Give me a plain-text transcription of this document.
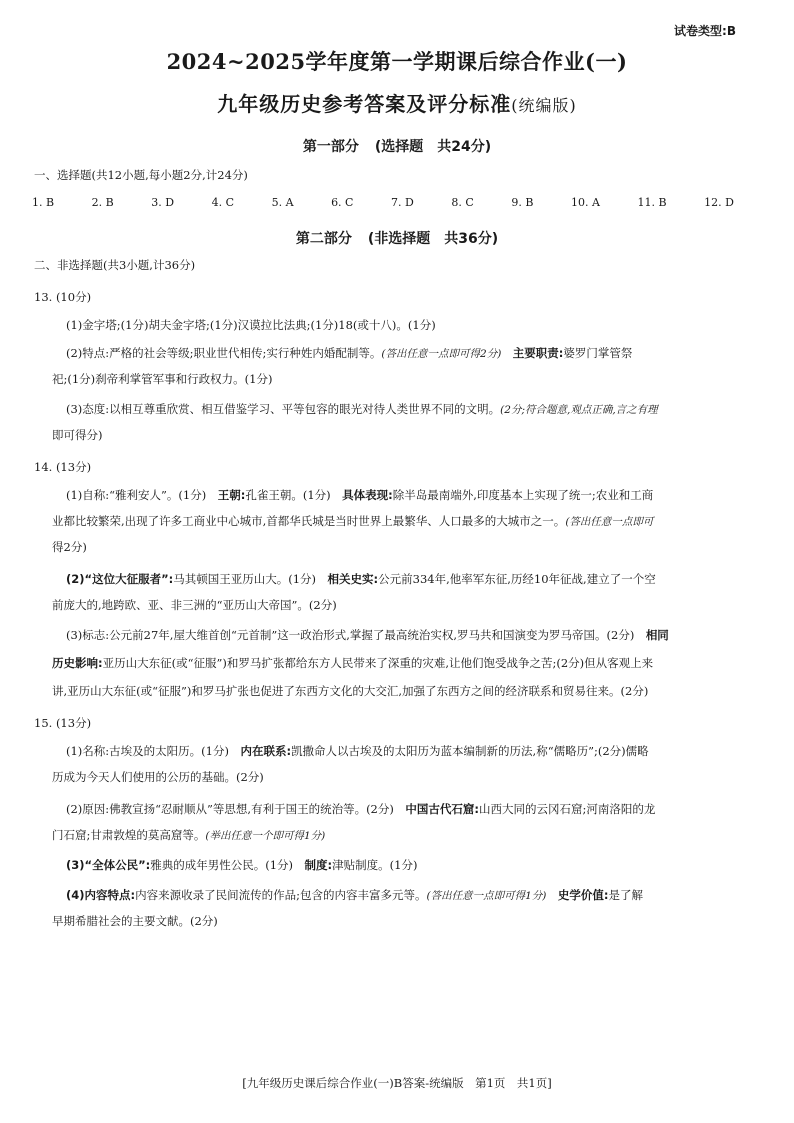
试卷类型:B
2024~2025学年度第一学期课后综合作业(一)
九年级历史参考答案及评分标准(统编版)
第一部分 (选择题　共24分)
一、选择题(共12小题,每小题2分,计24分)
1. B	2. B	3. D	4. C	5. A	6. C	7. D	8. C	9. B	10. A	11. B	12. D
第二部分 (非选择题　共36分)
二、非选择题(共3小题,计36分)
13. (10分)
(1)金字塔;(1分)胡夫金字塔;(1分)汉谟拉比法典;(1分)18(或十八)。(1分)
(2)特点:严格的社会等级;职业世代相传;实行种姓内婚配制等。(答出任意一点即可得2分)　 主要职责:婆罗门掌管祭
祀;(1分)刹帝利掌管军事和行政权力。(1分)
(3)态度:以相互尊重欣赏、相互借鉴学习、平等包容的眼光对待人类世界不同的文明。(2分;符合题意,观点正确,言之有理
即可得分)
14. (13分)
(1)自称:“雅利安人”。(1分)　 王朝:孔雀王朝。(1分)　 具体表现:除半岛最南端外,印度基本上实现了统一;农业和工商
业都比较繁荣,出现了许多工商业中心城市,首都华氏城是当时世界上最繁华、人口最多的大城市之一。(答出任意一点即可
得2分)
(2)“这位大征服者”:马其顿国王亚历山大。(1分)　 相关史实:公元前334年,他率军东征,历经10年征战,建立了一个空
前庞大的,地跨欧、亚、非三洲的“亚历山大帝国”。(2分)
(3)标志:公元前27年,屋大维首创“元首制”这一政治形式,掌握了最高统治实权,罗马共和国演变为罗马帝国。(2分)　 相同
历史影响:亚历山大东征(或“征服”)和罗马扩张都给东方人民带来了深重的灾难,让他们饱受战争之苦;(2分)但从客观上来
讲,亚历山大东征(或“征服”)和罗马扩张也促进了东西方文化的大交汇,加强了东西方之间的经济联系和贸易往来。(2分)
15. (13分)
(1)名称:古埃及的太阳历。(1分)　 内在联系:凯撒命人以古埃及的太阳历为蓝本编制新的历法,称“儒略历”;(2分)儒略
历成为今天人们使用的公历的基础。(2分)
(2)原因:佛教宣扬“忍耐顺从”等思想,有利于国王的统治等。(2分)　 中国古代石窟:山西大同的云冈石窟;河南洛阳的龙
门石窟;甘肃敦煌的莫高窟等。(举出任意一个即可得1分)
(3)“全体公民”:雅典的成年男性公民。(1分)　 制度:津贴制度。(1分)
(4)内容特点:内容来源收录了民间流传的作品;包含的内容丰富多元等。(答出任意一点即可得1分)　 史学价值:是了解
早期希腊社会的主要文献。(2分)
[九年级历史课后综合作业(一)B答案-统编版　第1页　共1页]
